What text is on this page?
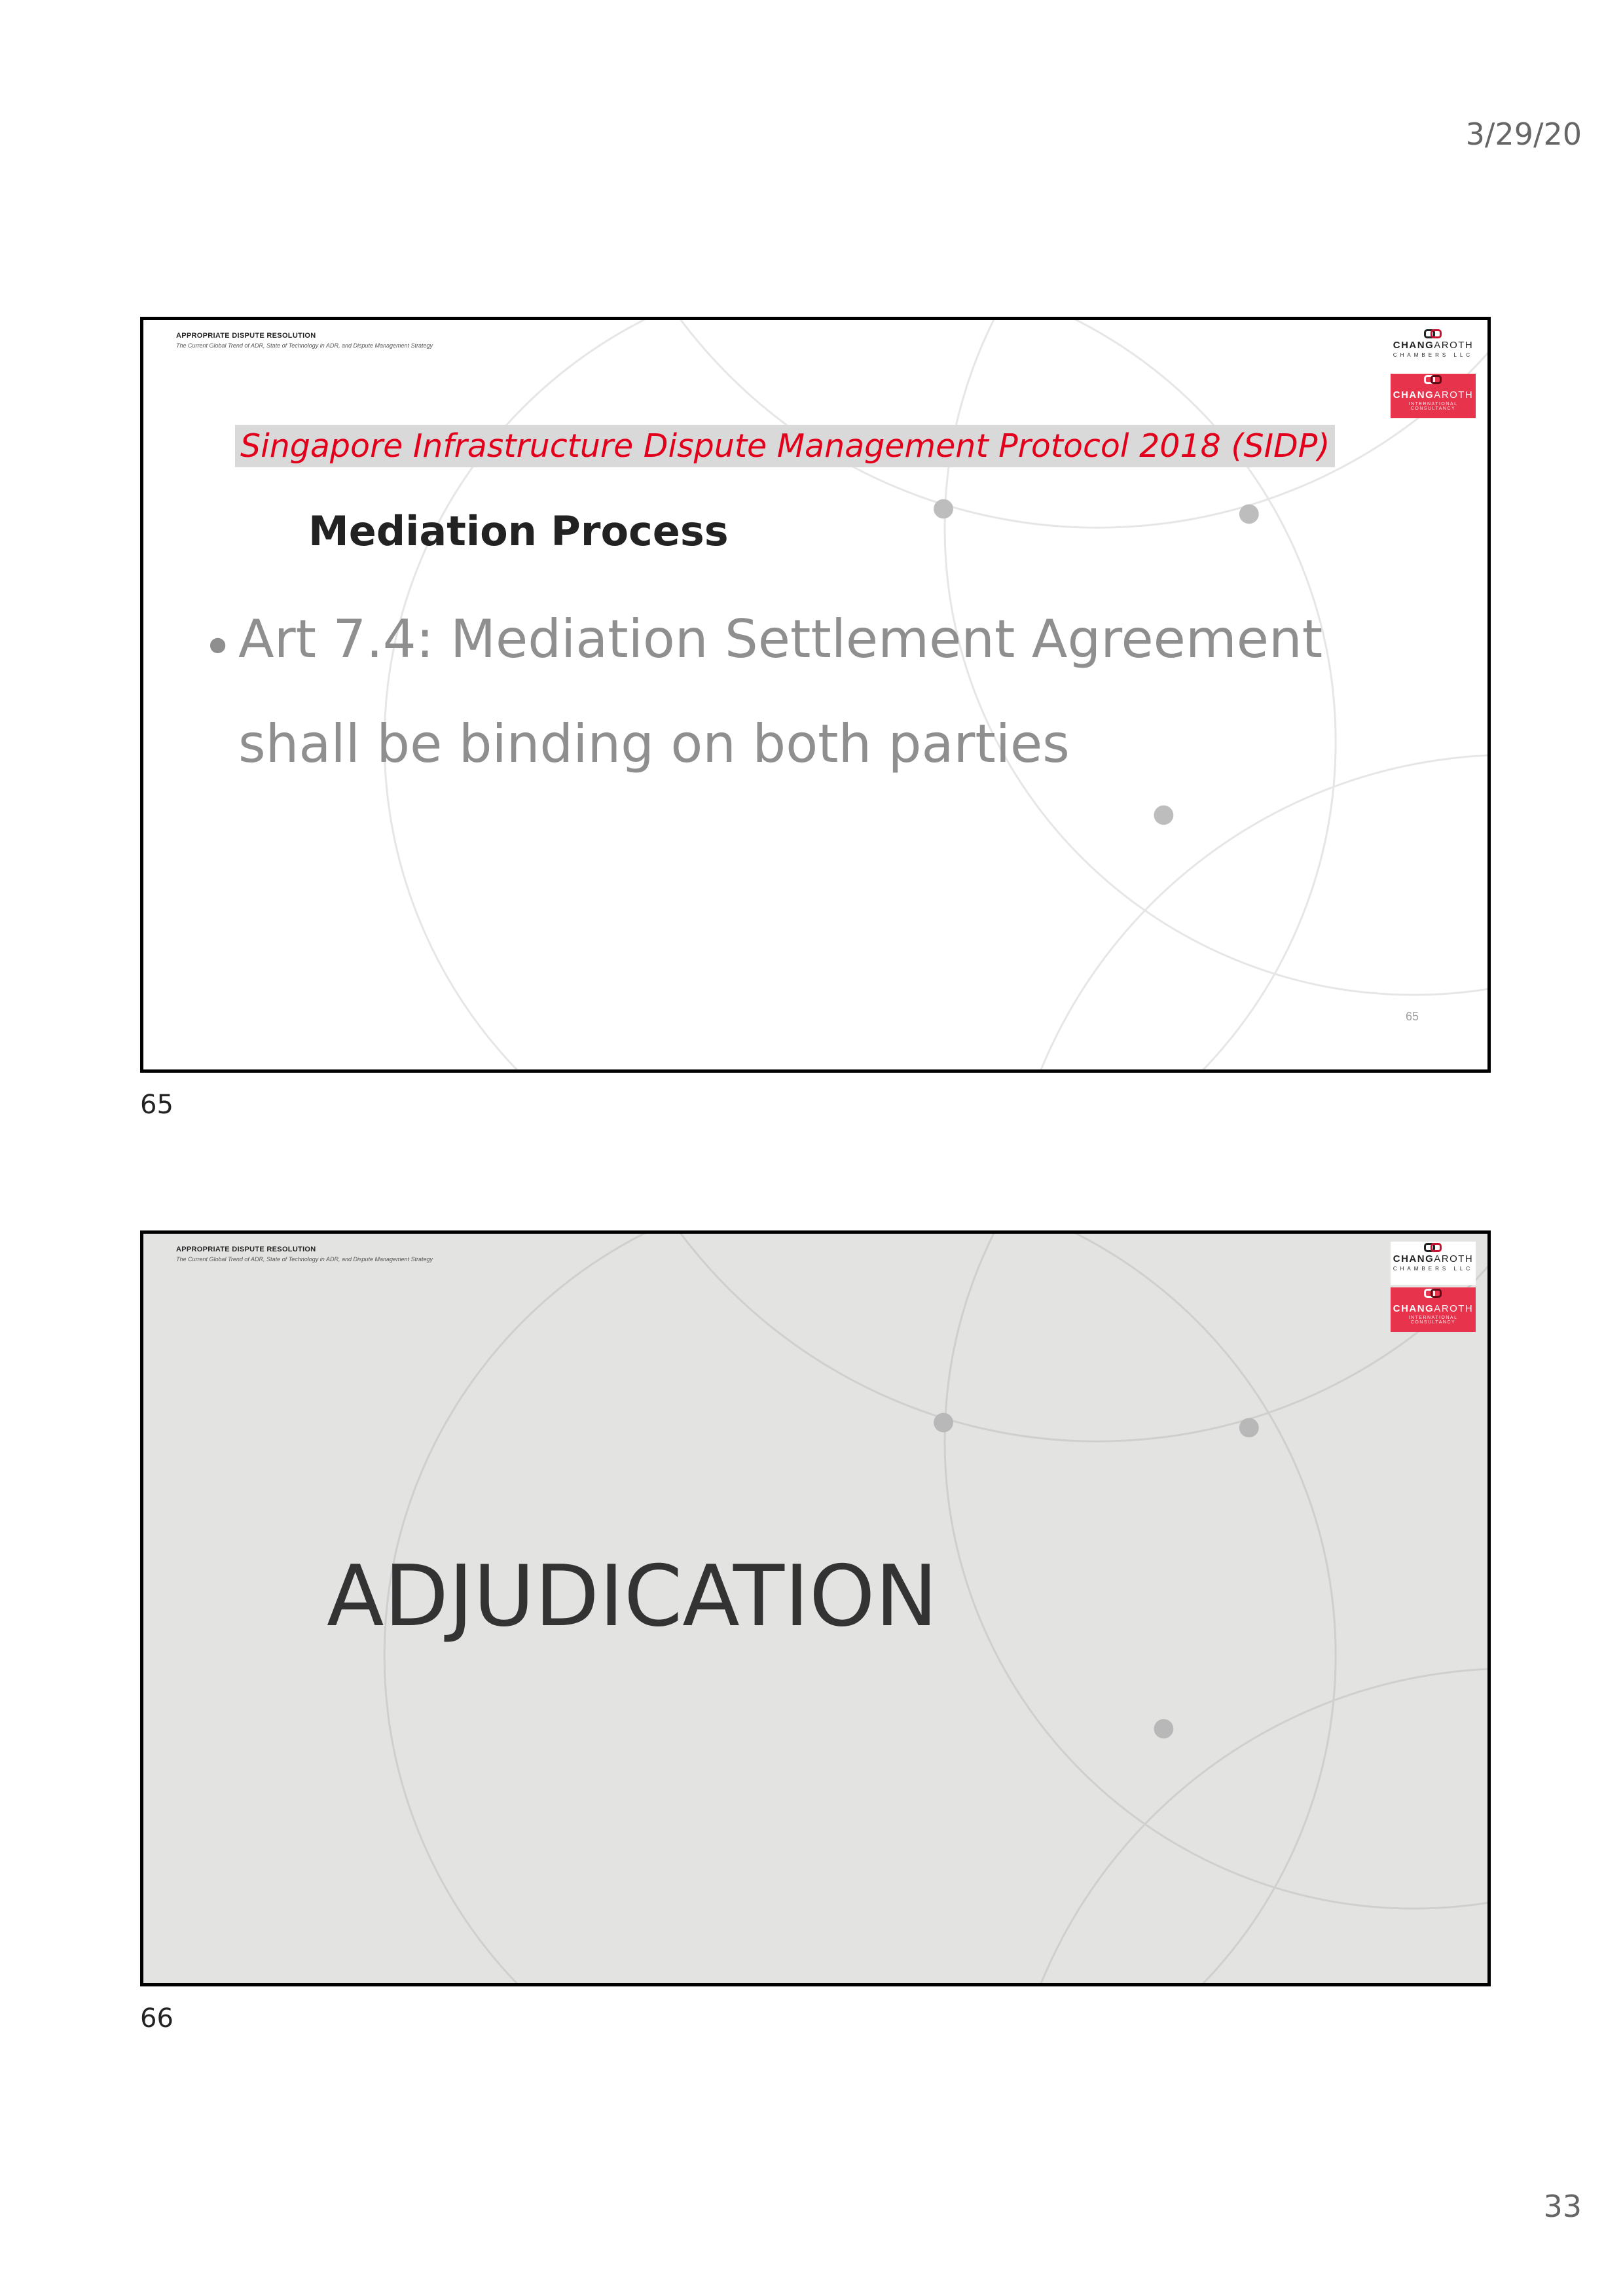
3/29/20
APPROPRIATE DISPUTE RESOLUTION
The Current Global Trend of ADR, State of Technology in ADR, and Dispute Management Strategy	CHANGAROTH
CHAMBERS LLC
CHANGAROTH
INTERNATIONAL CONSULTANCY
Singapore Infrastructure Dispute Management Protocol 2018 (SIDP)
Mediation Process
• Art 7.4: Mediation Settlement Agreement shall be binding on both parties
65
65
APPROPRIATE DISPUTE RESOLUTION
The Current Global Trend of ADR, State of Technology in ADR, and Dispute Management Strategy	CHANGAROTH
CHAMBERS LLC
CHANGAROTH
INTERNATIONAL CONSULTANCY
ADJUDICATION
66
33
